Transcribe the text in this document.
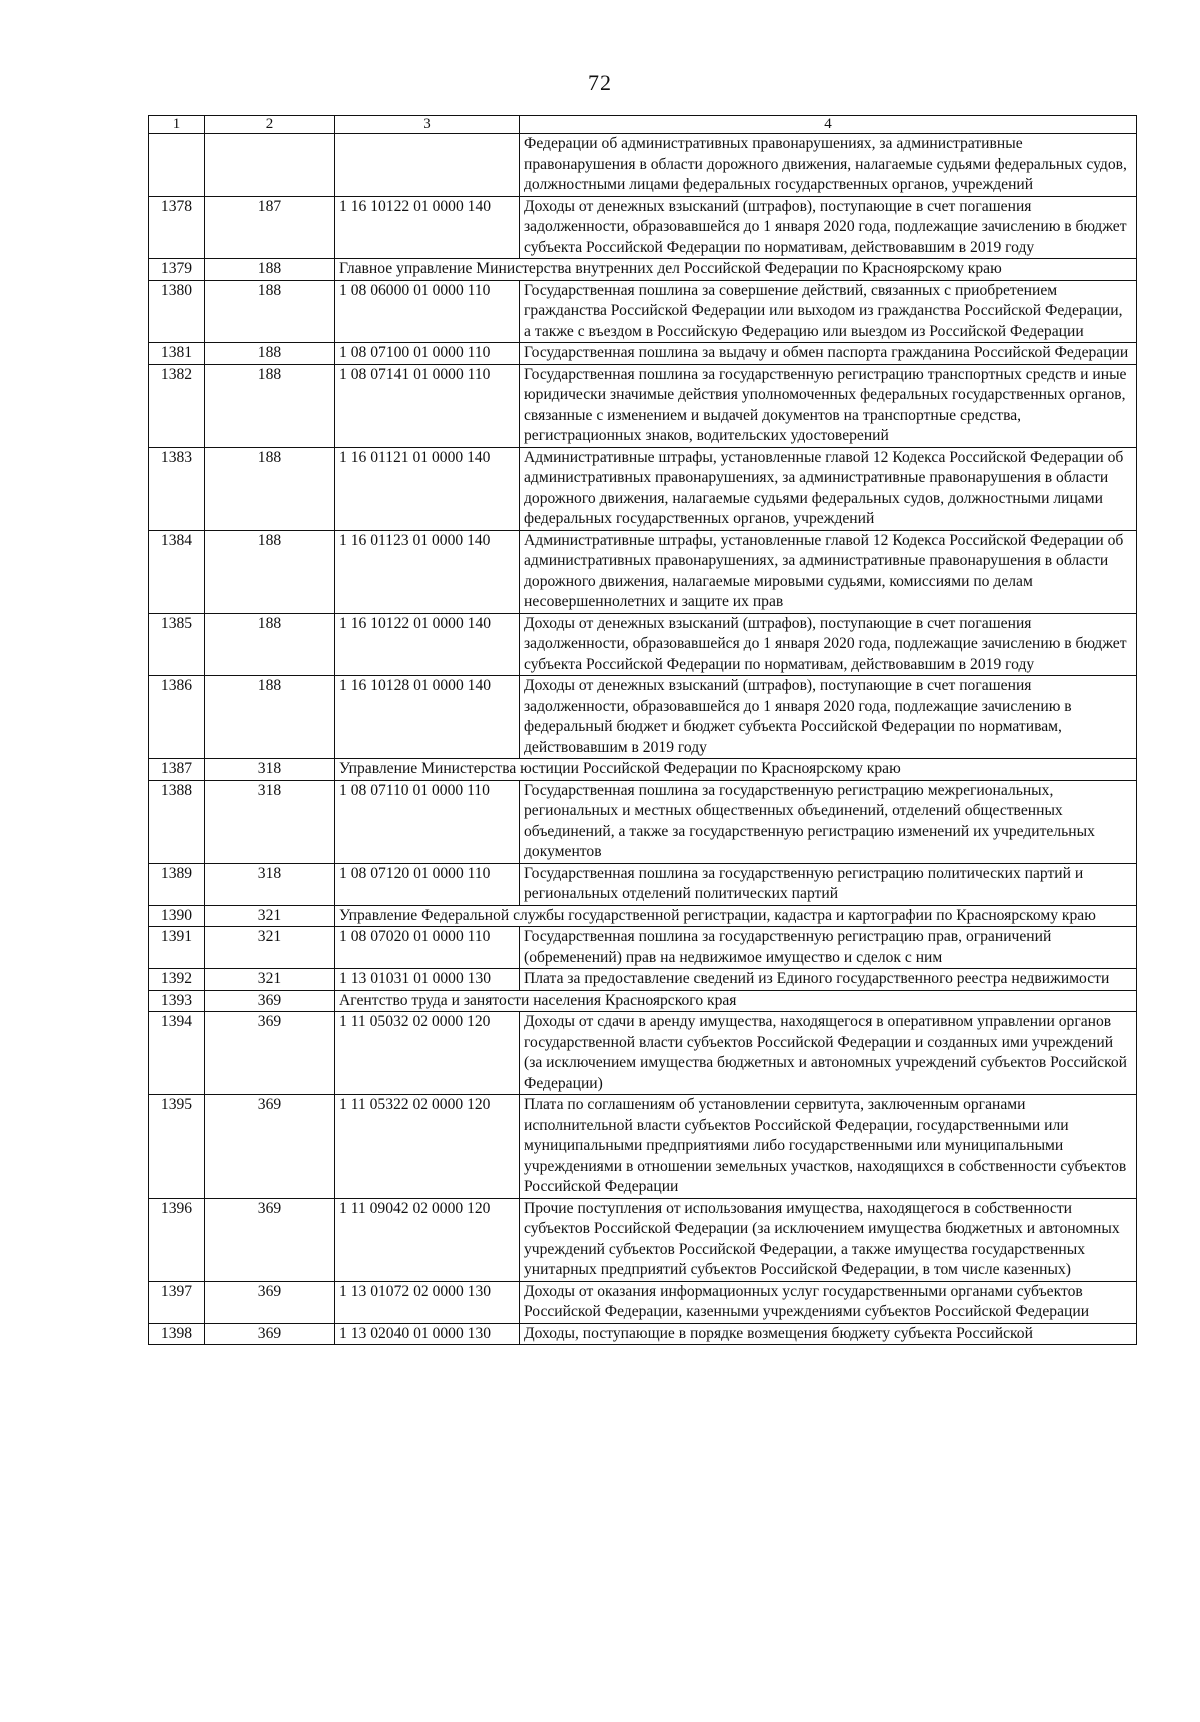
72
1	2	3	4
			Федерации об административных правонарушениях, за административные правонарушения в области дорожного движения, налагаемые судьями федеральных судов, должностными лицами федеральных государственных органов, учреждений
1378	187	1 16 10122 01 0000 140	Доходы от денежных взысканий (штрафов), поступающие в счет погашения задолженности, образовавшейся до 1 января 2020 года, подлежащие зачислению в бюджет субъекта Российской Федерации по нормативам, действовавшим в 2019 году
1379	188	Главное управление Министерства внутренних дел Российской Федерации по Красноярскому краю	
1380	188	1 08 06000 01 0000 110	Государственная пошлина за совершение действий, связанных с приобретением гражданства Российской Федерации или выходом из гражданства Российской Федерации, а также с въездом в Российскую Федерацию или выездом из Российской Федерации
1381	188	1 08 07100 01 0000 110	Государственная пошлина за выдачу и обмен паспорта гражданина Российской Федерации
1382	188	1 08 07141 01 0000 110	Государственная пошлина за государственную регистрацию транспортных средств и иные юридически значимые действия уполномоченных федеральных государственных органов, связанные с изменением и выдачей документов на транспортные средства, регистрационных знаков, водительских удостоверений
1383	188	1 16 01121 01 0000 140	Административные штрафы, установленные главой 12 Кодекса Российской Федерации об административных правонарушениях, за административные правонарушения в области дорожного движения, налагаемые судьями федеральных судов, должностными лицами федеральных государственных органов, учреждений
1384	188	1 16 01123 01 0000 140	Административные штрафы, установленные главой 12 Кодекса Российской Федерации об административных правонарушениях, за административные правонарушения в области дорожного движения, налагаемые мировыми судьями, комиссиями по делам несовершеннолетних и защите их прав
1385	188	1 16 10122 01 0000 140	Доходы от денежных взысканий (штрафов), поступающие в счет погашения задолженности, образовавшейся до 1 января 2020 года, подлежащие зачислению в бюджет субъекта Российской Федерации по нормативам, действовавшим в 2019 году
1386	188	1 16 10128 01 0000 140	Доходы от денежных взысканий (штрафов), поступающие в счет погашения задолженности, образовавшейся до 1 января 2020 года, подлежащие зачислению в федеральный бюджет и бюджет субъекта Российской Федерации по нормативам, действовавшим в 2019 году
1387	318	Управление Министерства юстиции Российской Федерации по Красноярскому краю	
1388	318	1 08 07110 01 0000 110	Государственная пошлина за государственную регистрацию межрегиональных, региональных и местных общественных объединений, отделений общественных объединений, а также за государственную регистрацию изменений их учредительных документов
1389	318	1 08 07120 01 0000 110	Государственная пошлина за государственную регистрацию политических партий и региональных отделений политических партий
1390	321	Управление Федеральной службы государственной регистрации, кадастра и картографии по Красноярскому краю	
1391	321	1 08 07020 01 0000 110	Государственная пошлина за государственную регистрацию прав, ограничений (обременений) прав на недвижимое имущество и сделок с ним
1392	321	1 13 01031 01 0000 130	Плата за предоставление сведений из Единого государственного реестра недвижимости
1393	369	Агентство труда и занятости населения Красноярского края	
1394	369	1 11 05032 02 0000 120	Доходы от сдачи в аренду имущества, находящегося в оперативном управлении органов государственной власти субъектов Российской Федерации и созданных ими учреждений (за исключением имущества бюджетных и автономных учреждений субъектов Российской Федерации)
1395	369	1 11 05322 02 0000 120	Плата по соглашениям об установлении сервитута, заключенным органами исполнительной власти субъектов Российской Федерации, государственными или муниципальными предприятиями либо государственными или муниципальными учреждениями в отношении земельных участков, находящихся в собственности субъектов Российской Федерации
1396	369	1 11 09042 02 0000 120	Прочие поступления от использования имущества, находящегося в собственности субъектов Российской Федерации (за исключением имущества бюджетных и автономных учреждений субъектов Российской Федерации, а также имущества государственных унитарных предприятий субъектов Российской Федерации, в том числе казенных)
1397	369	1 13 01072 02 0000 130	Доходы от оказания информационных услуг государственными органами субъектов Российской Федерации, казенными учреждениями субъектов Российской Федерации
1398	369	1 13 02040 01 0000 130	Доходы, поступающие в порядке возмещения бюджету субъекта Российской
